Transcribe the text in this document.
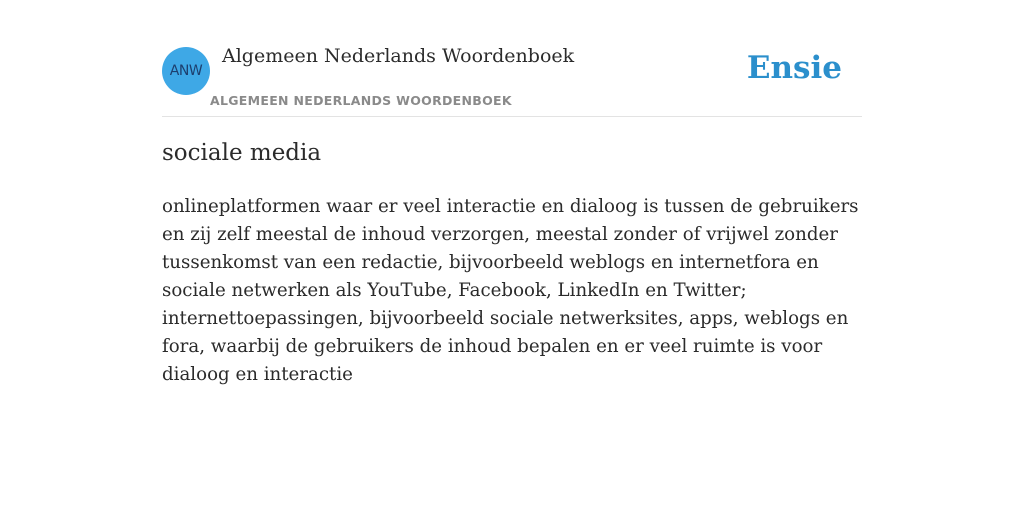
ANW
Algemeen Nederlands Woordenboek
ALGEMEEN NEDERLANDS WOORDENBOEK
Ensie
sociale media

onlineplatformen waar er veel interactie en dialoog is tussen de gebruikers en zij zelf meestal de inhoud verzorgen, meestal zonder of vrijwel zonder tussenkomst van een redactie, bijvoorbeeld weblogs en internetfora en sociale netwerken als YouTube, Facebook, LinkedIn en Twitter; internettoepassingen, bijvoorbeeld sociale netwerksites, apps, weblogs en fora, waarbij de gebruikers de inhoud bepalen en er veel ruimte is voor dialoog en interactie
